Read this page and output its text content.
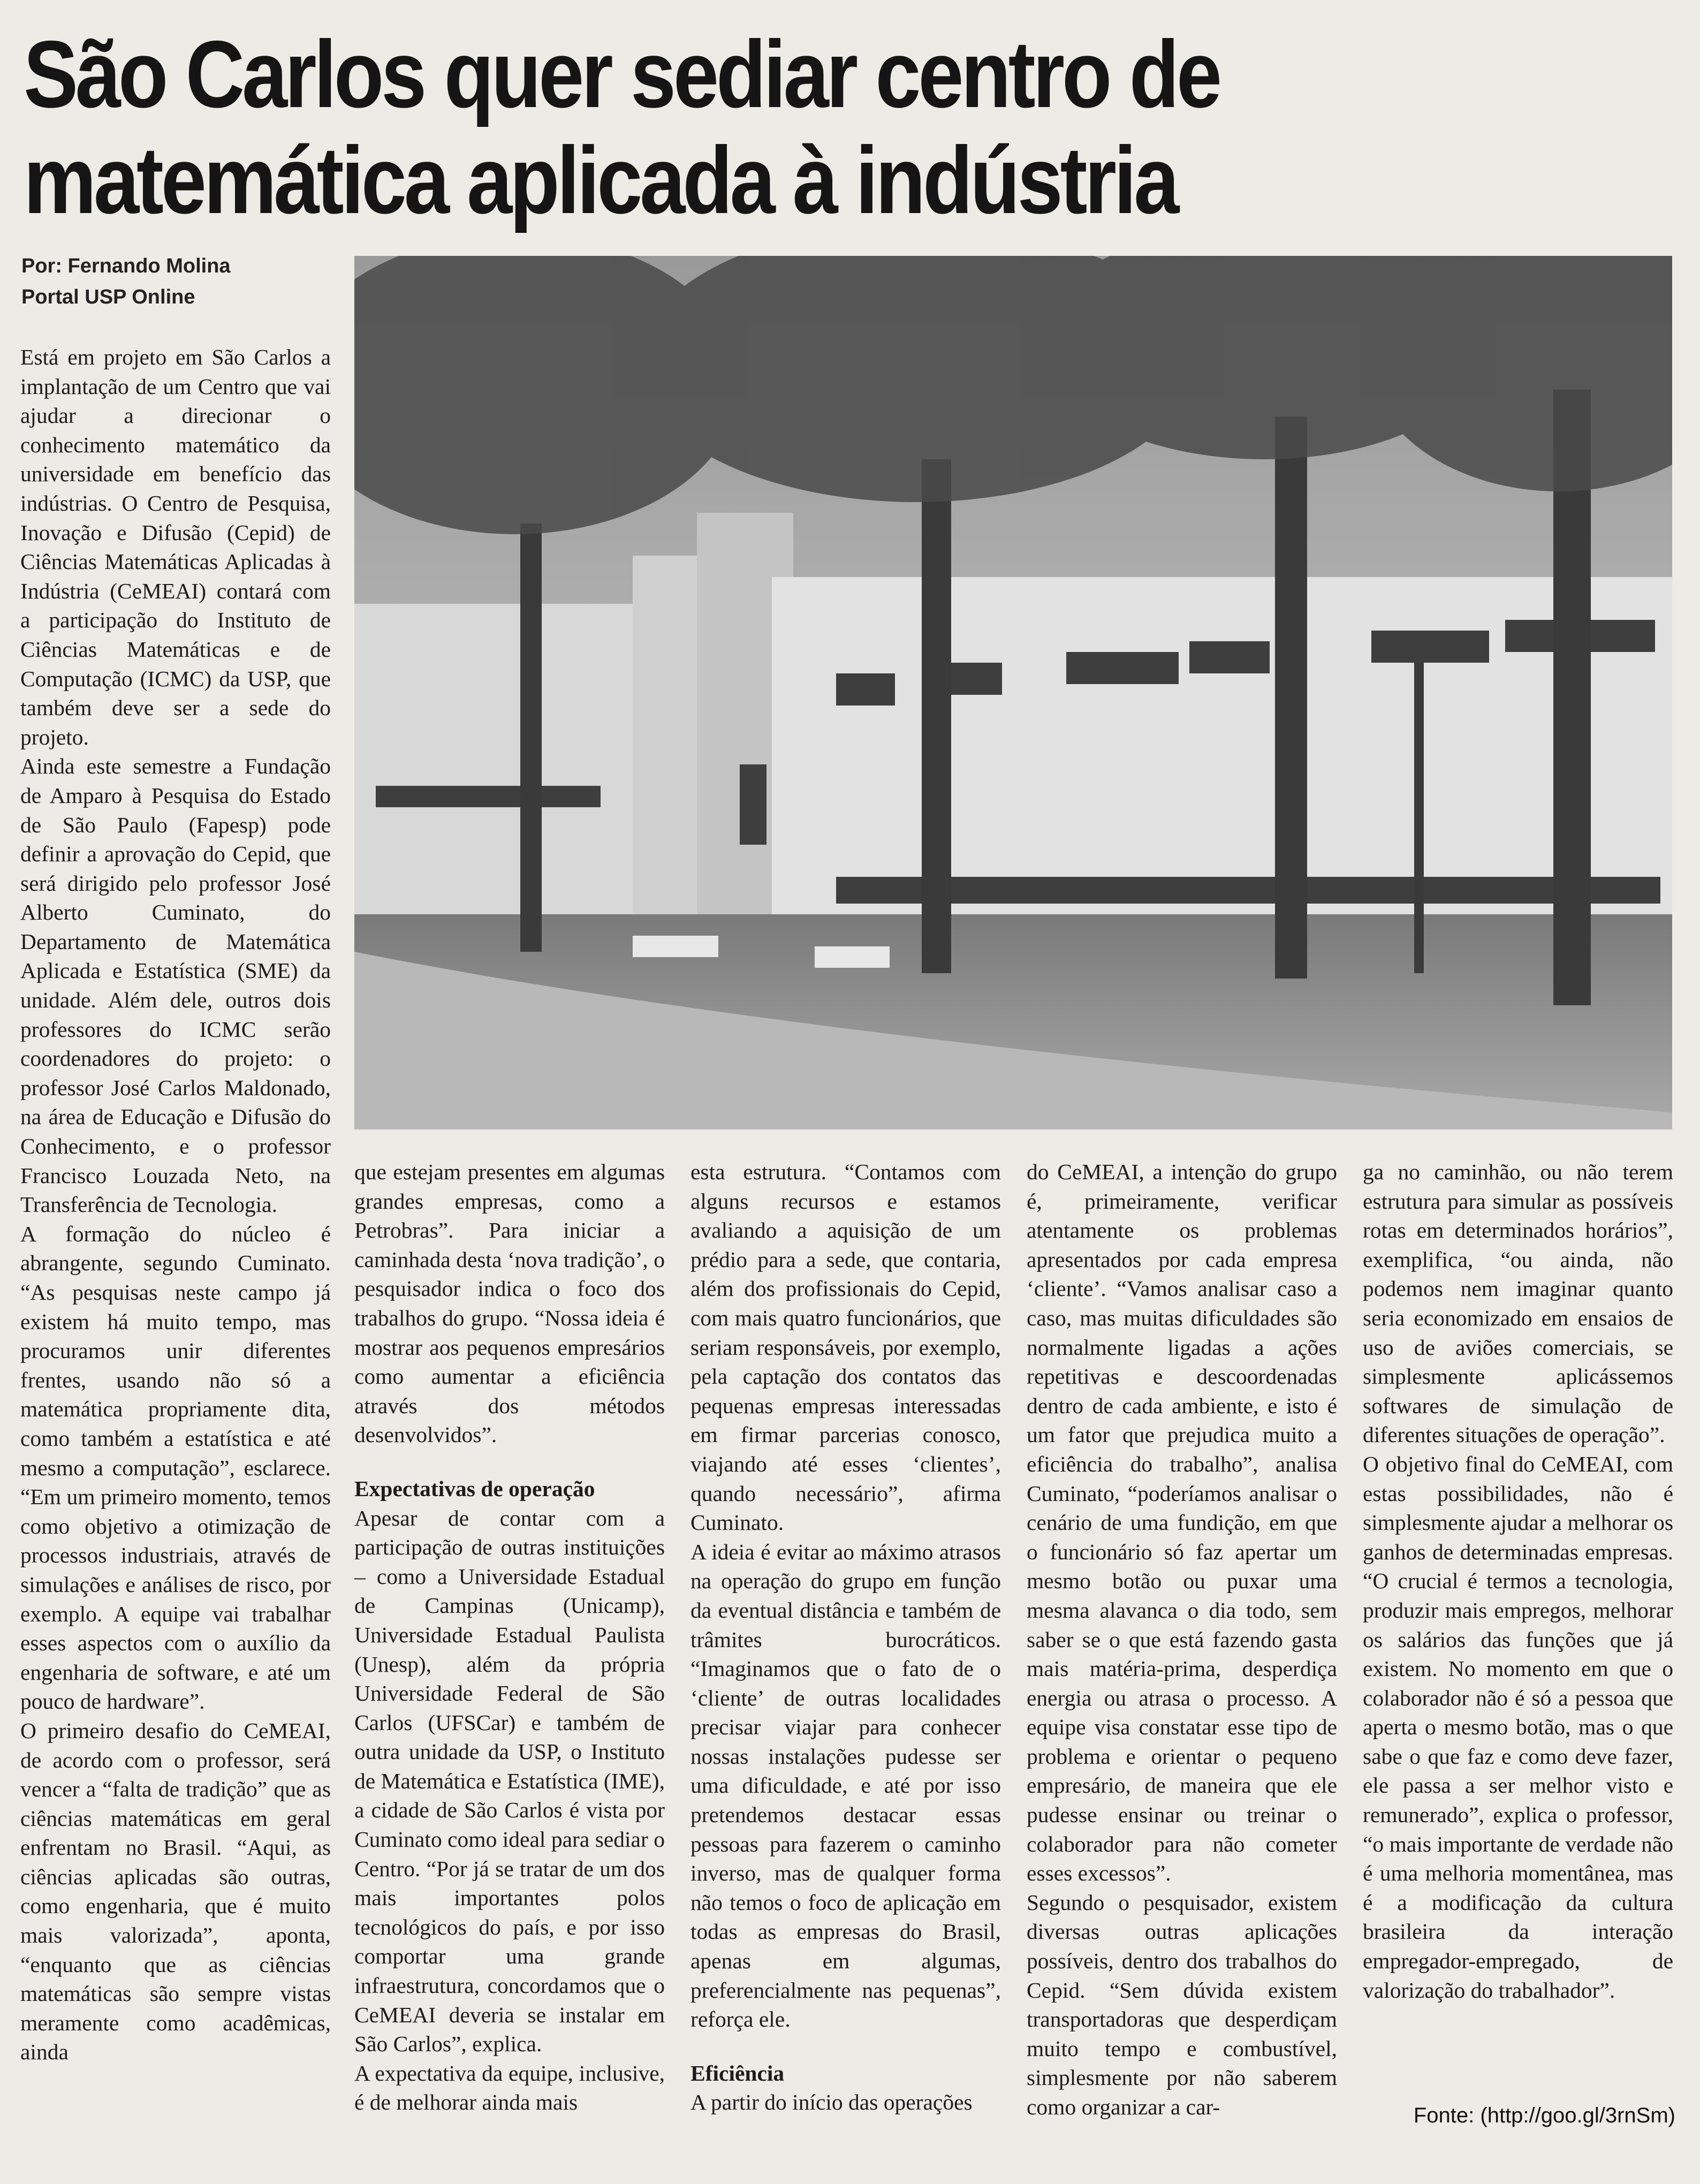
São Carlos quer sediar centro de matemática aplicada à indústria
Por: Fernando Molina
Portal USP Online

Está em projeto em São Carlos a implantação de um Centro que vai ajudar a direcionar o conhecimento matemático da universidade em benefício das indústrias. O Centro de Pesquisa, Inovação e Difusão (Cepid) de Ciências Matemáticas Aplicadas à Indústria (CeMEAI) contará com a participação do Instituto de Ciências Matemáticas e de Computação (ICMC) da USP, que também deve ser a sede do projeto.

Ainda este semestre a Fundação de Amparo à Pesquisa do Estado de São Paulo (Fapesp) pode definir a aprovação do Cepid, que será dirigido pelo professor José Alberto Cuminato, do Departamento de Matemática Aplicada e Estatística (SME) da unidade. Além dele, outros dois professores do ICMC serão coordenadores do projeto: o professor José Carlos Maldonado, na área de Educação e Difusão do Conhecimento, e o professor Francisco Louzada Neto, na Transferência de Tecnologia.

A formação do núcleo é abrangente, segundo Cuminato. “As pesquisas neste campo já existem há muito tempo, mas procuramos unir diferentes frentes, usando não só a matemática propriamente dita, como também a estatística e até mesmo a computação”, esclarece. “Em um primeiro momento, temos como objetivo a otimização de processos industriais, através de simulações e análises de risco, por exemplo. A equipe vai trabalhar esses aspectos com o auxílio da engenharia de software, e até um pouco de hardware”.

O primeiro desafio do CeMEAI, de acordo com o professor, será vencer a “falta de tradição” que as ciências matemáticas em geral enfrentam no Brasil. “Aqui, as ciências aplicadas são outras, como engenharia, que é muito mais valorizada”, aponta, “enquanto que as ciências matemáticas são sempre vistas meramente como acadêmicas, ainda

que estejam presentes em algumas grandes empresas, como a Petrobras”. Para iniciar a caminhada desta ‘nova tradição’, o pesquisador indica o foco dos trabalhos do grupo. “Nossa ideia é mostrar aos pequenos empresários como aumentar a eficiência através dos métodos desenvolvidos”.

Expectativas de operação

Apesar de contar com a participação de outras instituições – como a Universidade Estadual de Campinas (Unicamp), Universidade Estadual Paulista (Unesp), além da própria Universidade Federal de São Carlos (UFSCar) e também de outra unidade da USP, o Instituto de Matemática e Estatística (IME), a cidade de São Carlos é vista por Cuminato como ideal para sediar o Centro. “Por já se tratar de um dos mais importantes polos tecnológicos do país, e por isso comportar uma grande infraestrutura, concordamos que o CeMEAI deveria se instalar em São Carlos”, explica.

A expectativa da equipe, inclusive, é de melhorar ainda mais

esta estrutura. “Contamos com alguns recursos e estamos avaliando a aquisição de um prédio para a sede, que contaria, além dos profissionais do Cepid, com mais quatro funcionários, que seriam responsáveis, por exemplo, pela captação dos contatos das pequenas empresas interessadas em firmar parcerias conosco, viajando até esses ‘clientes’, quando necessário”, afirma Cuminato.

A ideia é evitar ao máximo atrasos na operação do grupo em função da eventual distância e também de trâmites burocráticos. “Imaginamos que o fato de o ‘cliente’ de outras localidades precisar viajar para conhecer nossas instalações pudesse ser uma dificuldade, e até por isso pretendemos destacar essas pessoas para fazerem o caminho inverso, mas de qualquer forma não temos o foco de aplicação em todas as empresas do Brasil, apenas em algumas, preferencialmente nas pequenas”, reforça ele.

Eficiência

A partir do início das operações

do CeMEAI, a intenção do grupo é, primeiramente, verificar atentamente os problemas apresentados por cada empresa ‘cliente’. “Vamos analisar caso a caso, mas muitas dificuldades são normalmente ligadas a ações repetitivas e descoordenadas dentro de cada ambiente, e isto é um fator que prejudica muito a eficiência do trabalho”, analisa Cuminato, “poderíamos analisar o cenário de uma fundição, em que o funcionário só faz apertar um mesmo botão ou puxar uma mesma alavanca o dia todo, sem saber se o que está fazendo gasta mais matéria-prima, desperdiça energia ou atrasa o processo. A equipe visa constatar esse tipo de problema e orientar o pequeno empresário, de maneira que ele pudesse ensinar ou treinar o colaborador para não cometer esses excessos”.

Segundo o pesquisador, existem diversas outras aplicações possíveis, dentro dos trabalhos do Cepid. “Sem dúvida existem transportadoras que desperdiçam muito tempo e combustível, simplesmente por não saberem como organizar a car-

ga no caminhão, ou não terem estrutura para simular as possíveis rotas em determinados horários”, exemplifica, “ou ainda, não podemos nem imaginar quanto seria economizado em ensaios de uso de aviões comerciais, se simplesmente aplicássemos softwares de simulação de diferentes situações de operação”.

O objetivo final do CeMEAI, com estas possibilidades, não é simplesmente ajudar a melhorar os ganhos de determinadas empresas. “O crucial é termos a tecnologia, produzir mais empregos, melhorar os salários das funções que já existem. No momento em que o colaborador não é só a pessoa que aperta o mesmo botão, mas o que sabe o que faz e como deve fazer, ele passa a ser melhor visto e remunerado”, explica o professor, “o mais importante de verdade não é uma melhoria momentânea, mas é a modificação da cultura brasileira da interação empregador-empregado, de valorização do trabalhador”.

Fonte: (http://goo.gl/3rnSm)
